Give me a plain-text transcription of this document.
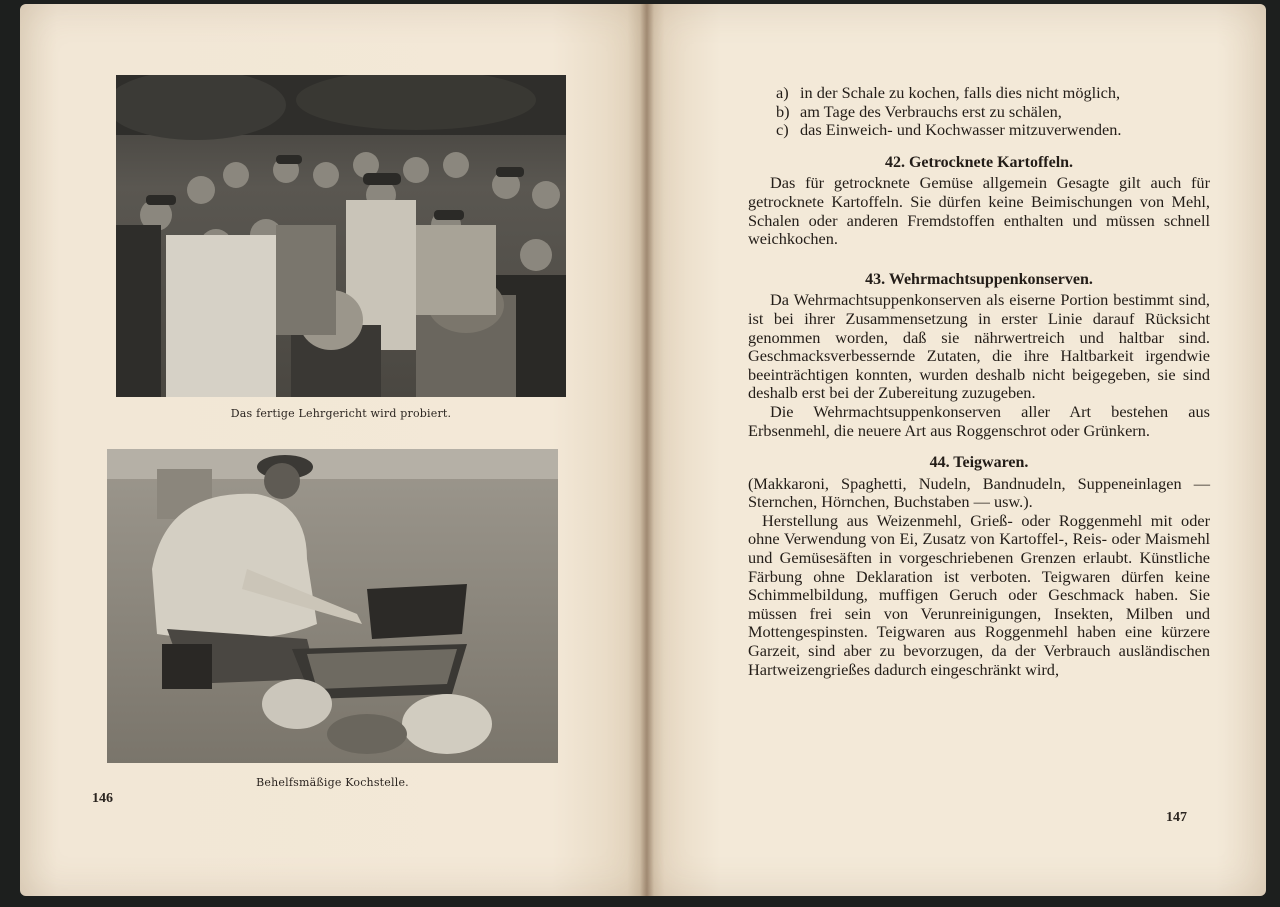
Das fertige Lehrgericht wird probiert.
Behelfsmäßige Kochstelle.
146
a) in der Schale zu kochen, falls dies nicht möglich,
b) am Tage des Verbrauchs erst zu schälen,
c) das Einweich- und Kochwasser mitzuverwenden.
42. Getrocknete Kartoffeln.

Das für getrocknete Gemüse allgemein Gesagte gilt auch für getrocknete Kartoffeln. Sie dürfen keine Beimischungen von Mehl, Schalen oder anderen Fremdstoffen enthalten und müssen schnell weichkochen.

43. Wehrmachtsuppenkonserven.

Da Wehrmachtsuppenkonserven als eiserne Portion bestimmt sind, ist bei ihrer Zusammensetzung in erster Linie darauf Rücksicht genommen worden, daß sie nährwertreich und haltbar sind. Geschmacksverbessernde Zutaten, die ihre Haltbarkeit irgendwie beeinträchtigen konnten, wurden deshalb nicht beigegeben, sie sind deshalb erst bei der Zubereitung zuzugeben.

Die Wehrmachtsuppenkonserven aller Art bestehen aus Erbsenmehl, die neuere Art aus Roggenschrot oder Grünkern.

44. Teigwaren.

(Makkaroni, Spaghetti, Nudeln, Bandnudeln, Suppeneinlagen — Sternchen, Hörnchen, Buchstaben — usw.).

Herstellung aus Weizenmehl, Grieß- oder Roggenmehl mit oder ohne Verwendung von Ei, Zusatz von Kartoffel-, Reis- oder Maismehl und Gemüsesäften in vorgeschriebenen Grenzen erlaubt. Künstliche Färbung ohne Deklaration ist verboten. Teigwaren dürfen keine Schimmelbildung, muffigen Geruch oder Geschmack haben. Sie müssen frei sein von Verunreinigungen, Insekten, Milben und Mottengespinsten. Teigwaren aus Roggenmehl haben eine kürzere Garzeit, sind aber zu bevorzugen, da der Verbrauch ausländischen Hartweizengrießes dadurch eingeschränkt wird,

147
